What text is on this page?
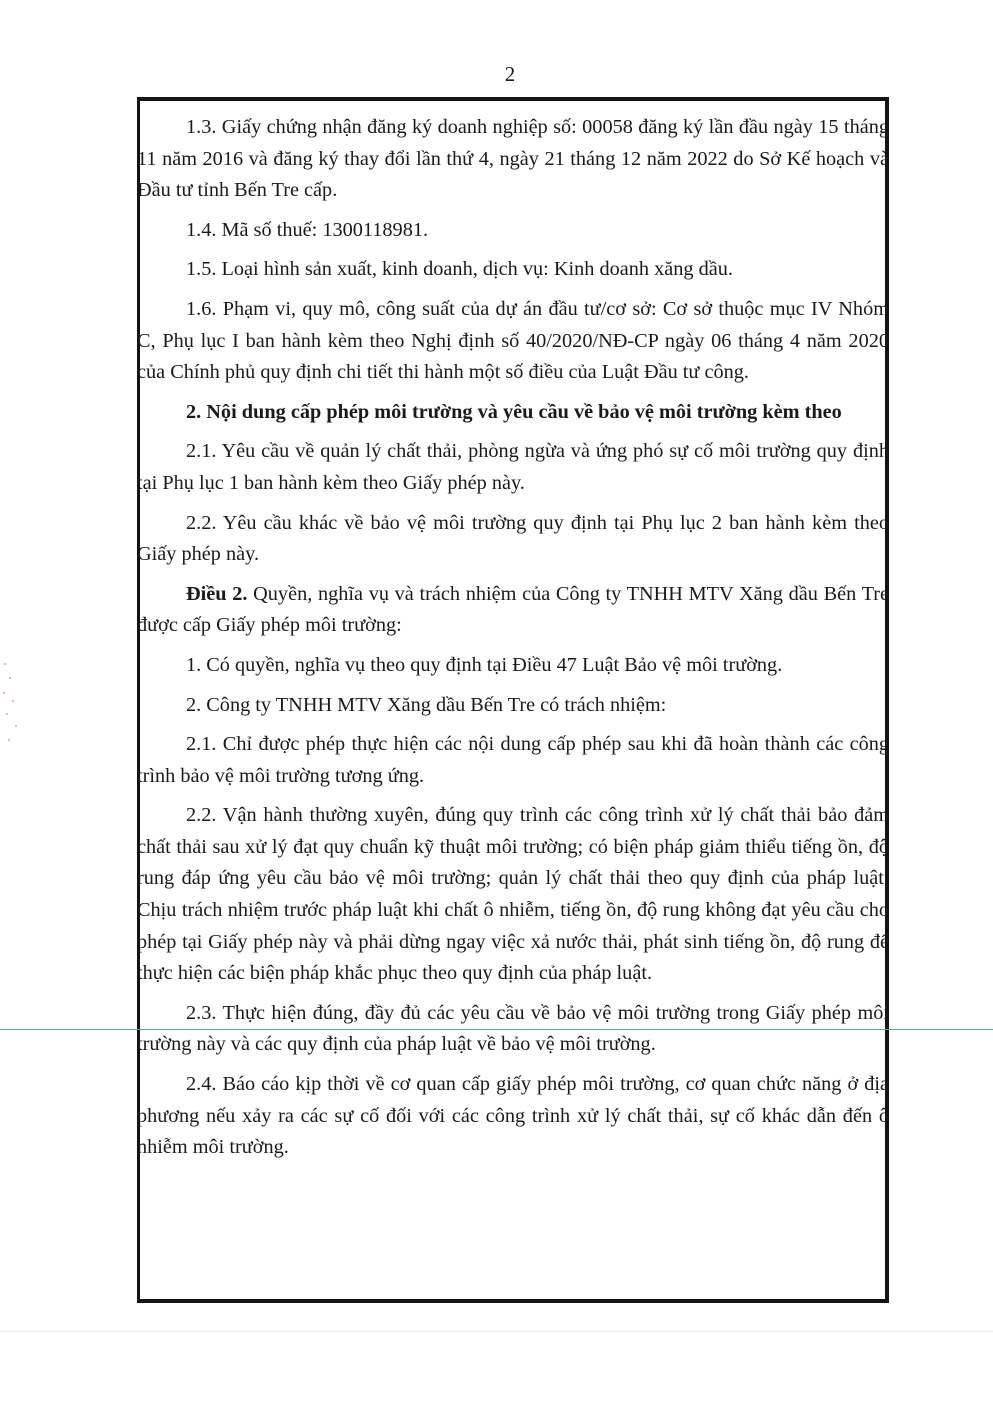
2

1.3. Giấy chứng nhận đăng ký doanh nghiệp số: 00058 đăng ký lần đầu ngày 15 tháng 11 năm 2016 và đăng ký thay đổi lần thứ 4, ngày 21 tháng 12 năm 2022 do Sở Kế hoạch và Đầu tư tỉnh Bến Tre cấp.

1.4. Mã số thuế: 1300118981.

1.5. Loại hình sản xuất, kinh doanh, dịch vụ: Kinh doanh xăng dầu.

1.6. Phạm vi, quy mô, công suất của dự án đầu tư/cơ sở: Cơ sở thuộc mục IV Nhóm C, Phụ lục I ban hành kèm theo Nghị định số 40/2020/NĐ-CP ngày 06 tháng 4 năm 2020 của Chính phủ quy định chi tiết thi hành một số điều của Luật Đầu tư công.

2. Nội dung cấp phép môi trường và yêu cầu về bảo vệ môi trường kèm theo

2.1. Yêu cầu về quản lý chất thải, phòng ngừa và ứng phó sự cố môi trường quy định tại Phụ lục 1 ban hành kèm theo Giấy phép này.

2.2. Yêu cầu khác về bảo vệ môi trường quy định tại Phụ lục 2 ban hành kèm theo Giấy phép này.

Điều 2. Quyền, nghĩa vụ và trách nhiệm của Công ty TNHH MTV Xăng dầu Bến Tre được cấp Giấy phép môi trường:

1. Có quyền, nghĩa vụ theo quy định tại Điều 47 Luật Bảo vệ môi trường.

2. Công ty TNHH MTV Xăng dầu Bến Tre có trách nhiệm:

2.1. Chỉ được phép thực hiện các nội dung cấp phép sau khi đã hoàn thành các công trình bảo vệ môi trường tương ứng.

2.2. Vận hành thường xuyên, đúng quy trình các công trình xử lý chất thải bảo đảm chất thải sau xử lý đạt quy chuẩn kỹ thuật môi trường; có biện pháp giảm thiểu tiếng ồn, độ rung đáp ứng yêu cầu bảo vệ môi trường; quản lý chất thải theo quy định của pháp luật. Chịu trách nhiệm trước pháp luật khi chất ô nhiễm, tiếng ồn, độ rung không đạt yêu cầu cho phép tại Giấy phép này và phải dừng ngay việc xả nước thải, phát sinh tiếng ồn, độ rung để thực hiện các biện pháp khắc phục theo quy định của pháp luật.

2.3. Thực hiện đúng, đầy đủ các yêu cầu về bảo vệ môi trường trong Giấy phép môi trường này và các quy định của pháp luật về bảo vệ môi trường.

2.4. Báo cáo kịp thời về cơ quan cấp giấy phép môi trường, cơ quan chức năng ở địa phương nếu xảy ra các sự cố đối với các công trình xử lý chất thải, sự cố khác dẫn đến ô nhiễm môi trường.
